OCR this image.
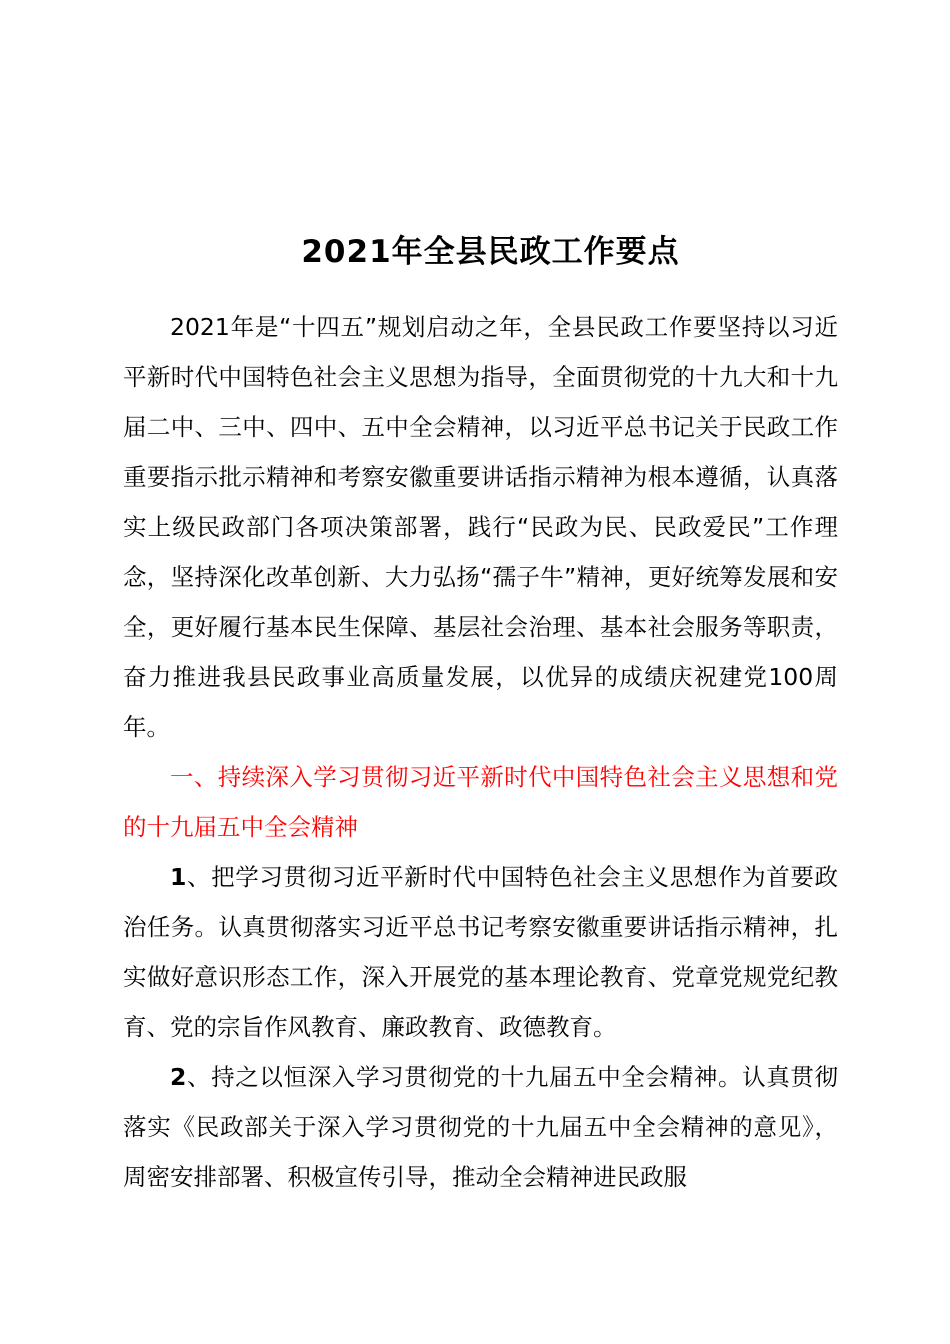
2021年全县民政工作要点

2021年是“十四五”规划启动之年，全县民政工作要坚持以习近平新时代中国特色社会主义思想为指导，全面贯彻党的十九大和十九届二中、三中、四中、五中全会精神，以习近平总书记关于民政工作重要指示批示精神和考察安徽重要讲话指示精神为根本遵循，认真落实上级民政部门各项决策部署，践行“民政为民、民政爱民”工作理念，坚持深化改革创新、大力弘扬“孺子牛”精神，更好统筹发展和安全，更好履行基本民生保障、基层社会治理、基本社会服务等职责，奋力推进我县民政事业高质量发展，以优异的成绩庆祝建党100周年。

一、持续深入学习贯彻习近平新时代中国特色社会主义思想和党的十九届五中全会精神

1、把学习贯彻习近平新时代中国特色社会主义思想作为首要政治任务。认真贯彻落实习近平总书记考察安徽重要讲话指示精神，扎实做好意识形态工作，深入开展党的基本理论教育、党章党规党纪教育、党的宗旨作风教育、廉政教育、政德教育。

2、持之以恒深入学习贯彻党的十九届五中全会精神。认真贯彻落实《民政部关于深入学习贯彻党的十九届五中全会精神的意见》，周密安排部署、积极宣传引导，推动全会精神进民政服
